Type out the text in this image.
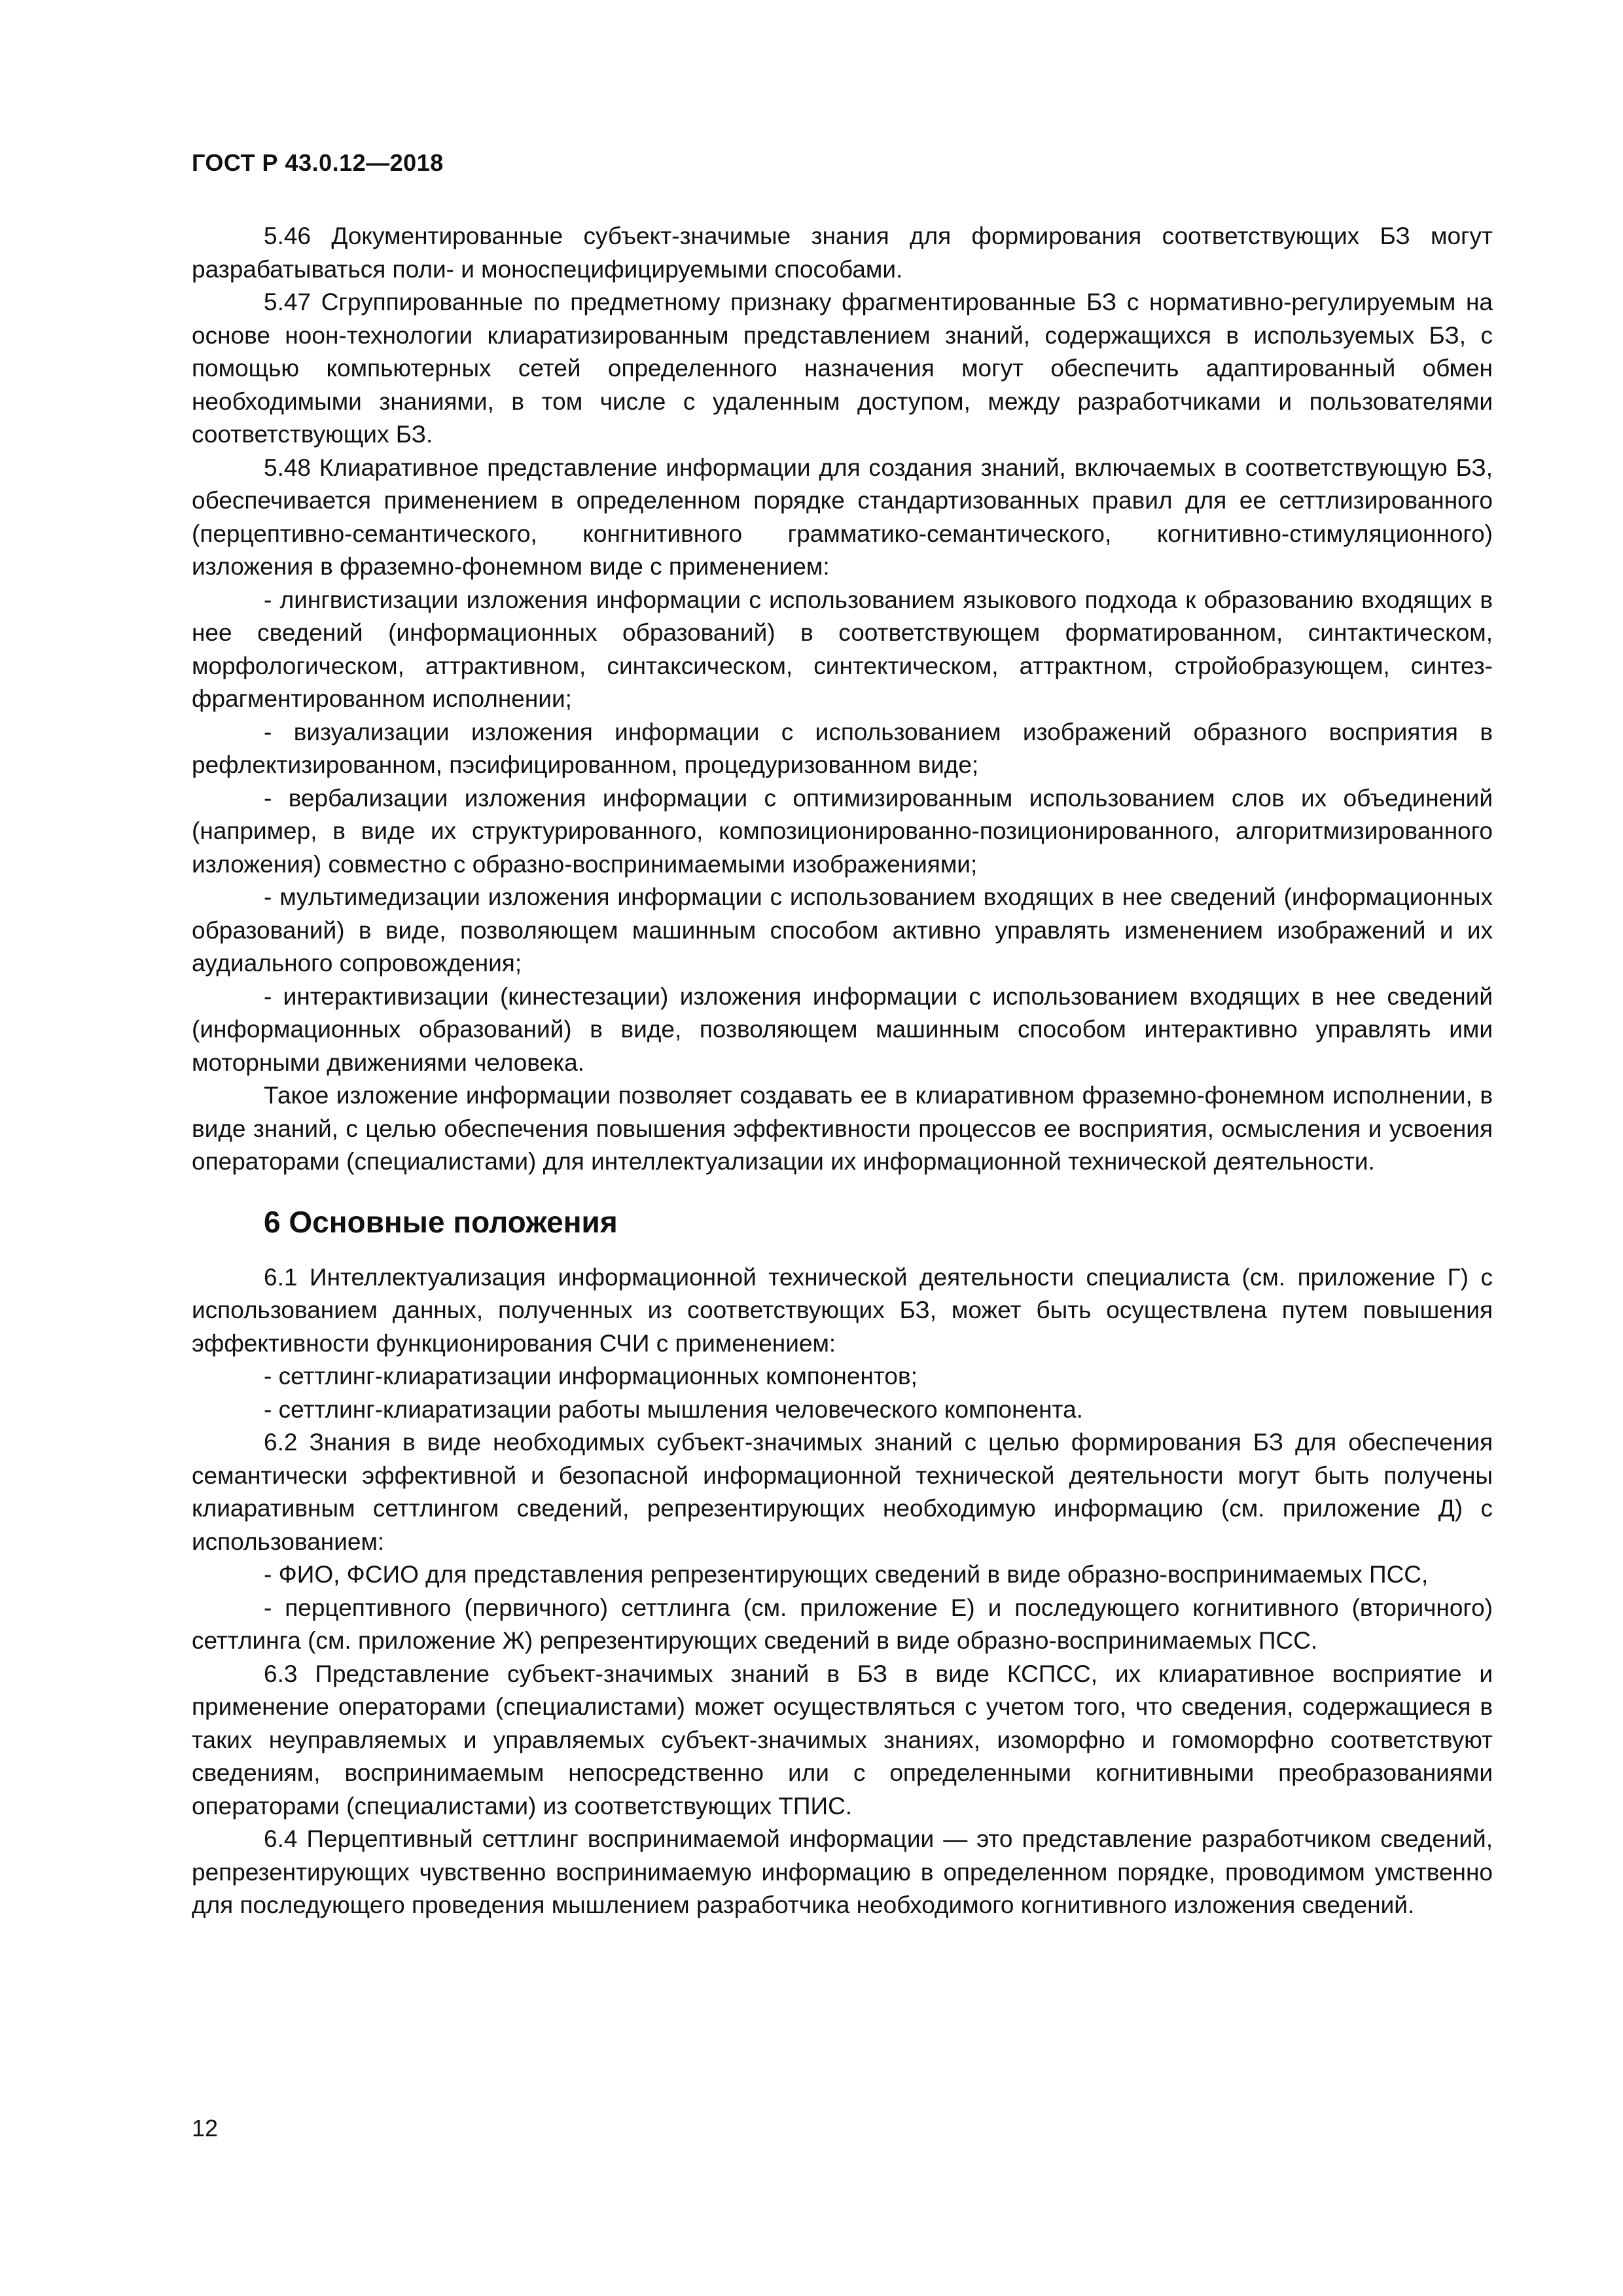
ГОСТ Р 43.0.12—2018

5.46 Документированные субъект-значимые знания для формирования соответствующих БЗ могут разрабатываться поли- и моноспецифицируемыми способами.

5.47 Сгруппированные по предметному признаку фрагментированные БЗ с нормативно-регулируемым на основе ноон-технологии клиаратизированным представлением знаний, содержащихся в используемых БЗ, с помощью компьютерных сетей определенного назначения могут обеспечить адаптированный обмен необходимыми знаниями, в том числе с удаленным доступом, между разработчиками и пользователями соответствующих БЗ.

5.48 Клиаративное представление информации для создания знаний, включаемых в соответствующую БЗ, обеспечивается применением в определенном порядке стандартизованных правил для ее сеттлизированного (перцептивно-семантического, конгнитивного грамматико-семантического, когнитивно-стимуляционного) изложения в фраземно-фонемном виде с применением:

- лингвистизации изложения информации с использованием языкового подхода к образованию входящих в нее сведений (информационных образований) в соответствующем форматированном, синтактическом, морфологическом, аттрактивном, синтаксическом, синтектическом, аттрактном, стройобразующем, синтез-фрагментированном исполнении;

- визуализации изложения информации с использованием изображений образного восприятия в рефлектизированном, пэсифицированном, процедуризованном виде;

- вербализации изложения информации с оптимизированным использованием слов их объединений (например, в виде их структурированного, композиционированно-позиционированного, алгоритмизированного изложения) совместно с образно-воспринимаемыми изображениями;

- мультимедизации изложения информации с использованием входящих в нее сведений (информационных образований) в виде, позволяющем машинным способом активно управлять изменением изображений и их аудиального сопровождения;

- интерактивизации (кинестезации) изложения информации с использованием входящих в нее сведений (информационных образований) в виде, позволяющем машинным способом интерактивно управлять ими моторными движениями человека.

Такое изложение информации позволяет создавать ее в клиаративном фраземно-фонемном исполнении, в виде знаний, с целью обеспечения повышения эффективности процессов ее восприятия, осмысления и усвоения операторами (специалистами) для интеллектуализации их информационной технической деятельности.

6 Основные положения

6.1 Интеллектуализация информационной технической деятельности специалиста (см. приложение Г) с использованием данных, полученных из соответствующих БЗ, может быть осуществлена путем повышения эффективности функционирования СЧИ с применением:

- сеттлинг-клиаратизации информационных компонентов;

- сеттлинг-клиаратизации работы мышления человеческого компонента.

6.2 Знания в виде необходимых субъект-значимых знаний с целью формирования БЗ для обеспечения семантически эффективной и безопасной информационной технической деятельности могут быть получены клиаративным сеттлингом сведений, репрезентирующих необходимую информацию (см. приложение Д) с использованием:

- ФИО, ФСИО для представления репрезентирующих сведений в виде образно-воспринимаемых ПСС,

- перцептивного (первичного) сеттлинга (см. приложение Е) и последующего когнитивного (вторичного) сеттлинга (см. приложение Ж) репрезентирующих сведений в виде образно-воспринимаемых ПСС.

6.3 Представление субъект-значимых знаний в БЗ в виде КСПСС, их клиаративное восприятие и применение операторами (специалистами) может осуществляться с учетом того, что сведения, содержащиеся в таких неуправляемых и управляемых субъект-значимых знаниях, изоморфно и гомоморфно соответствуют сведениям, воспринимаемым непосредственно или с определенными когнитивными преобразованиями операторами (специалистами) из соответствующих ТПИС.

6.4 Перцептивный сеттлинг воспринимаемой информации — это представление разработчиком сведений, репрезентирующих чувственно воспринимаемую информацию в определенном порядке, проводимом умственно для последующего проведения мышлением разработчика необходимого когнитивного изложения сведений.

12
